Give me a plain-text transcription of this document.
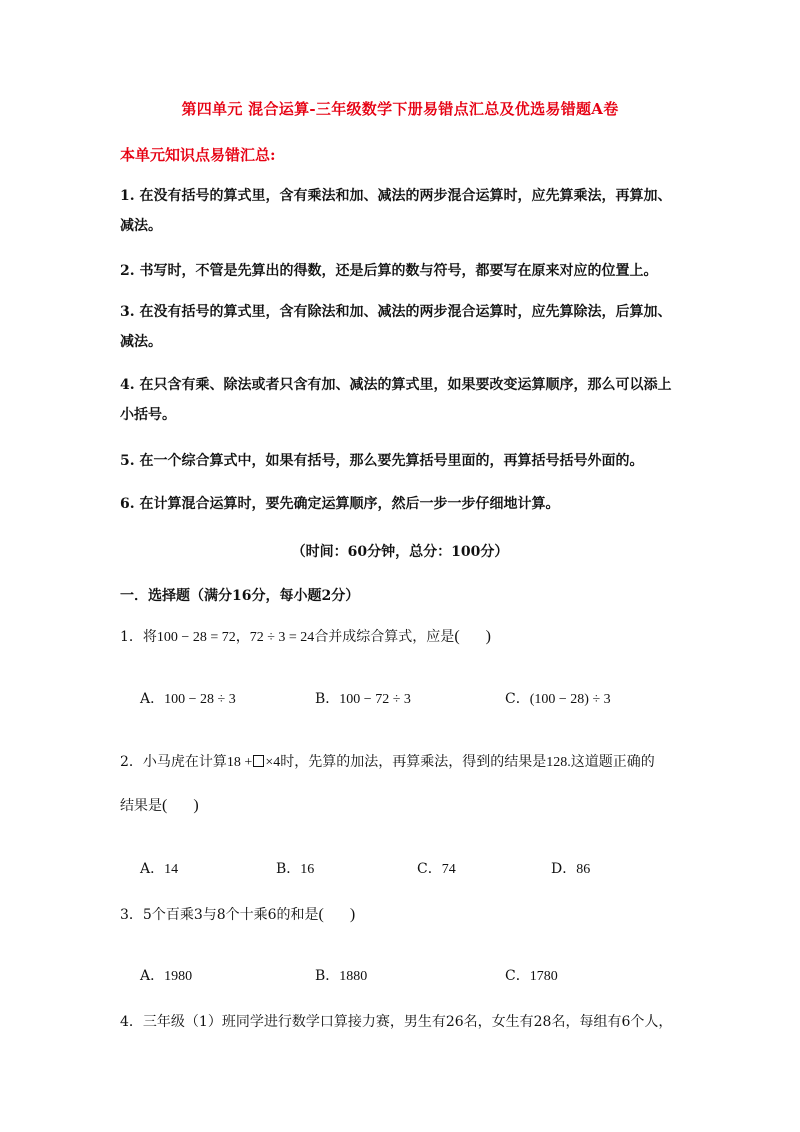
第四单元 混合运算-三年级数学下册易错点汇总及优选易错题A卷
本单元知识点易错汇总:
1. 在没有括号的算式里，含有乘法和加、减法的两步混合运算时，应先算乘法，再算加、减法。
2. 书写时，不管是先算出的得数，还是后算的数与符号，都要写在原来对应的位置上。
3. 在没有括号的算式里，含有除法和加、减法的两步混合运算时，应先算除法，后算加、减法。
4. 在只含有乘、除法或者只含有加、减法的算式里，如果要改变运算顺序，那么可以添上小括号。
5. 在一个综合算式中，如果有括号，那么要先算括号里面的，再算括号括号外面的。
6. 在计算混合运算时，要先确定运算顺序，然后一步一步仔细地计算。
（时间：60分钟，总分：100分）
一．选择题（满分16分，每小题2分）
1．将100 − 28 = 72，72 ÷ 3 = 24合并成综合算式，应是( )
A．100 − 28 ÷ 3	B．100 − 72 ÷ 3	C．(100 − 28) ÷ 3
2．小马虎在计算18 + ×4时，先算的加法，再算乘法，得到的结果是128.这道题正确的
结果是( )
A．14	B．16	C．74	D．86
3．5个百乘3与8个十乘6的和是( )
A．1980	B．1880	C．1780
4．三年级（1）班同学进行数学口算接力赛，男生有26名，女生有28名，每组有6个人，
